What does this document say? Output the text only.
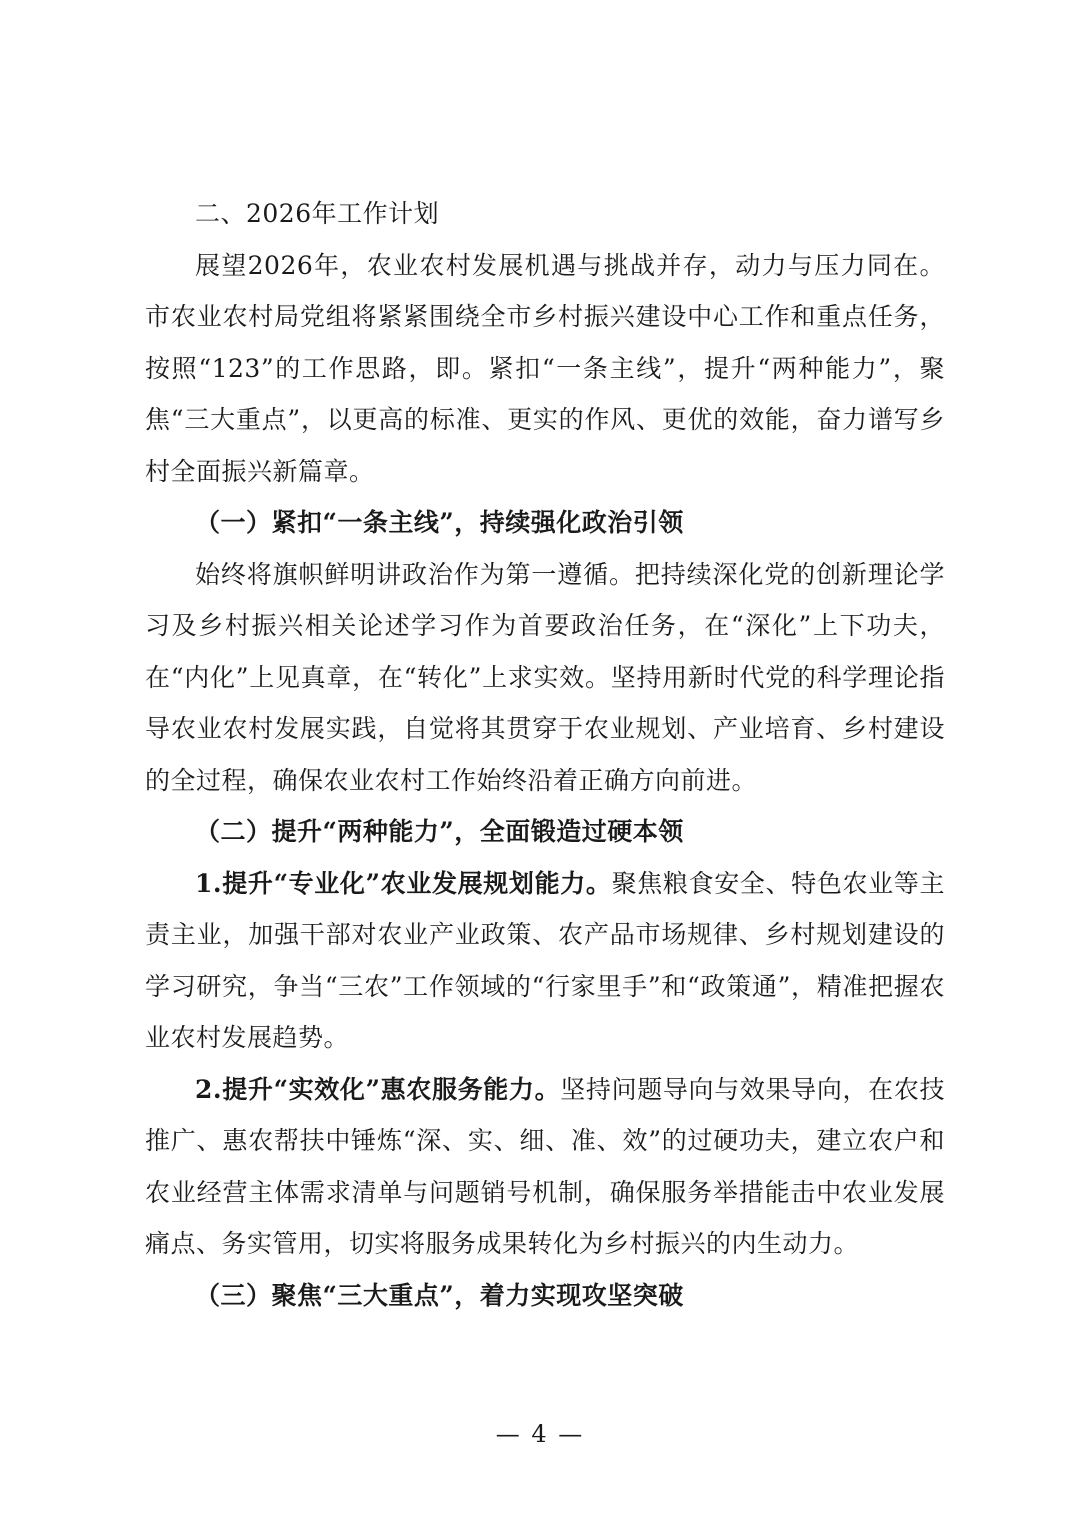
二、2026年工作计划

展望2026年，农业农村发展机遇与挑战并存，动力与压力同在。市农业农村局党组将紧紧围绕全市乡村振兴建设中心工作和重点任务，按照“123”的工作思路，即。紧扣“一条主线”，提升“两种能力”，聚焦“三大重点”，以更高的标准、更实的作风、更优的效能，奋力谱写乡村全面振兴新篇章。

（一）紧扣“一条主线”，持续强化政治引领

始终将旗帜鲜明讲政治作为第一遵循。把持续深化党的创新理论学习及乡村振兴相关论述学习作为首要政治任务，在“深化”上下功夫，在“内化”上见真章，在“转化”上求实效。坚持用新时代党的科学理论指导农业农村发展实践，自觉将其贯穿于农业规划、产业培育、乡村建设的全过程，确保农业农村工作始终沿着正确方向前进。

（二）提升“两种能力”，全面锻造过硬本领

1.提升“专业化”农业发展规划能力。聚焦粮食安全、特色农业等主责主业，加强干部对农业产业政策、农产品市场规律、乡村规划建设的学习研究，争当“三农”工作领域的“行家里手”和“政策通”，精准把握农业农村发展趋势。

2.提升“实效化”惠农服务能力。坚持问题导向与效果导向，在农技推广、惠农帮扶中锤炼“深、实、细、准、效”的过硬功夫，建立农户和农业经营主体需求清单与问题销号机制，确保服务举措能击中农业发展痛点、务实管用，切实将服务成果转化为乡村振兴的内生动力。

（三）聚焦“三大重点”，着力实现攻坚突破

— 4 —
